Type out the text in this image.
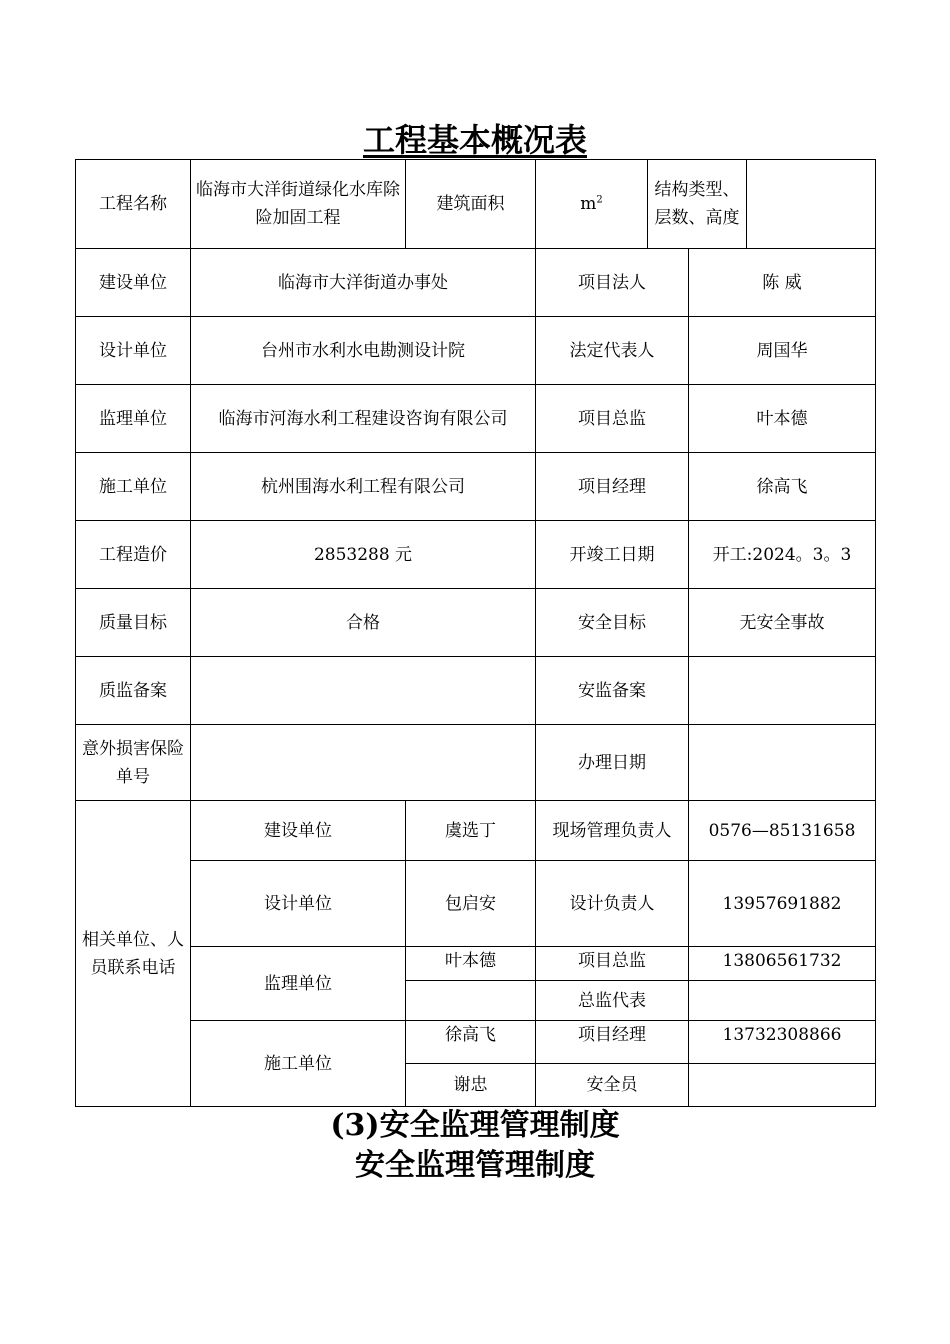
工程基本概况表
工程名称	临海市大洋街道绿化水库除险加固工程	建筑面积	$m^2$	结构类型、层数、高度		
建设单位	临海市大洋街道办事处		项目法人		陈 威	
设计单位	台州市水利水电勘测设计院		法定代表人		周国华	
监理单位	临海市河海水利工程建设咨询有限公司		项目总监		叶本德	
施工单位	杭州围海水利工程有限公司		项目经理		徐高飞	
工程造价	2853288 元		开竣工日期		开工:2024。3。3	
质量目标	合格		安全目标		无安全事故	
质监备案			安监备案			
意外损害保险单号			办理日期			
相关单位、人员联系电话	建设单位	虞选丁	现场管理负责人		0576—85131658	
	设计单位	包启安	设计负责人		13957691882	
	监理单位	叶本德	项目总监		13806561732	
			总监代表			
	施工单位	徐高飞	项目经理		13732308866	
		谢忠	安全员			
(3)安全监理管理制度
安全监理管理制度
